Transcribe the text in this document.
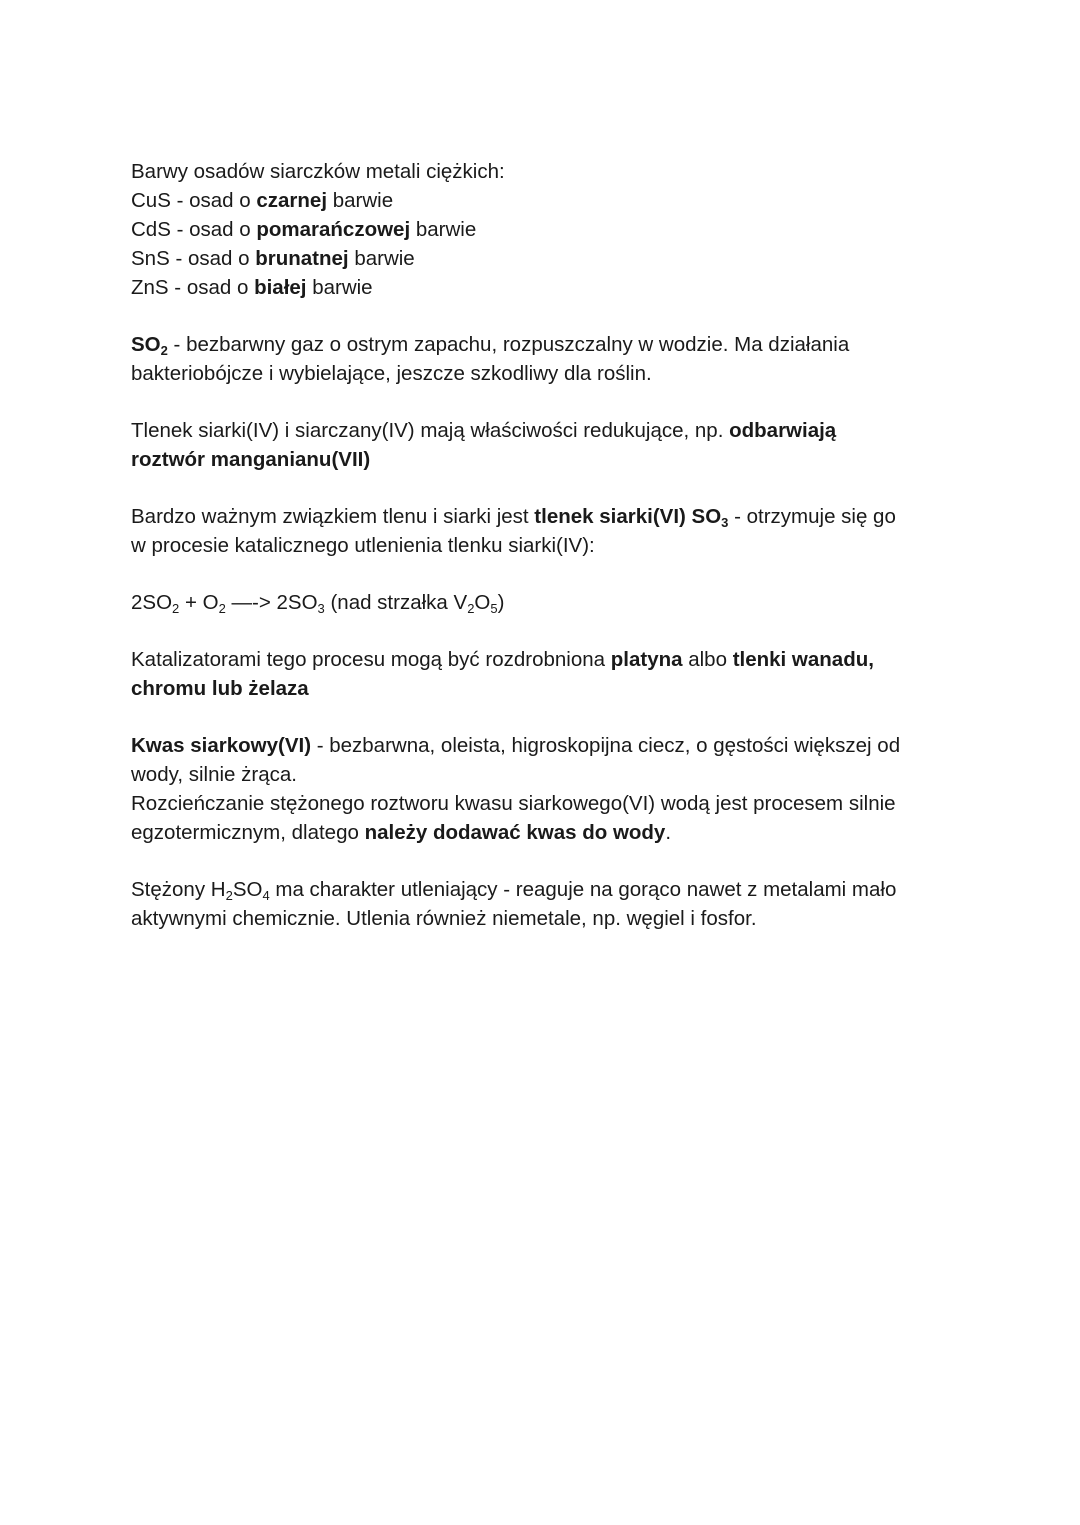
Barwy osadów siarczków metali ciężkich:
CuS - osad o czarnej barwie
CdS - osad o pomarańczowej barwie
SnS - osad o brunatnej barwie
ZnS - osad o białej barwie
$SO_2$ - bezbarwny gaz o ostrym zapachu, rozpuszczalny w wodzie. Ma działania
bakteriobójcze i wybielające, jeszcze szkodliwy dla roślin.
Tlenek siarki(IV) i siarczany(IV) mają właściwości redukujące, np. odbarwiają
roztwór manganianu(VII)
Bardzo ważnym związkiem tlenu i siarki jest tlenek siarki(VI) $SO_3$ - otrzymuje się go
w procesie katalicznego utlenienia tlenku siarki(IV):
$2SO_2 + O_2$ —-> $2SO_3$ (nad strzałka $V_2O_5$)
Katalizatorami tego procesu mogą być rozdrobniona platyna albo tlenki wanadu,
chromu lub żelaza
Kwas siarkowy(VI) - bezbarwna, oleista, higroskopijna ciecz, o gęstości większej od
wody, silnie żrąca.
Rozcieńczanie stężonego roztworu kwasu siarkowego(VI) wodą jest procesem silnie
egzotermicznym, dlatego należy dodawać kwas do wody.
Stężony $H_2SO_4$ ma charakter utleniający - reaguje na gorąco nawet z metalami mało
aktywnymi chemicznie. Utlenia również niemetale, np. węgiel i fosfor.
